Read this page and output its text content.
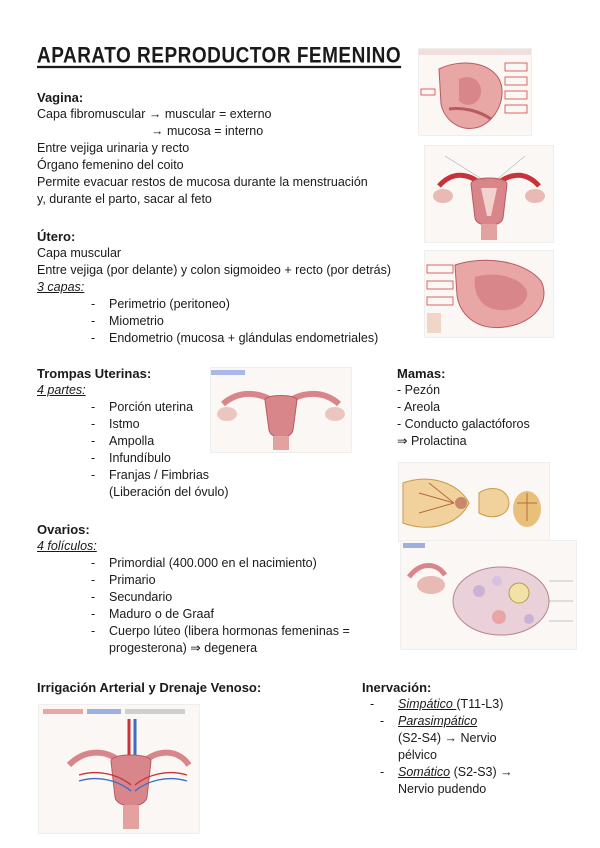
APARATO REPRODUCTOR FEMENINO
Vagina:
Capa fibromuscular → muscular = externo
→ mucosa = interno
Entre vejiga urinaria y recto
Órgano femenino del coito
Permite evacuar restos de mucosa durante la menstruación
y, durante el parto, sacar al feto
Útero:
Capa muscular
Entre vejiga (por delante) y colon sigmoideo + recto (por detrás)
3 capas:
- Perimetrio (peritoneo)
- Miometrio
- Endometrio (mucosa + glándulas endometriales)
Trompas Uterinas:
4 partes:
- Porción uterina
- Istmo
- Ampolla
- Infundíbulo
- Franjas / Fimbrias
(Liberación del óvulo)
Mamas:
- Pezón
- Areola
- Conducto galactóforos
⇒ Prolactina
Ovarios:
4 folículos:
- Primordial (400.000 en el nacimiento)
- Primario
- Secundario
- Maduro o de Graaf
- Cuerpo lúteo (libera hormonas femeninas =
progesterona) ⇒ degenera
Irrigación Arterial y Drenaje Venoso:	Inervación:
- Simpático (T11-L3)
- Parasimpático
(S2-S4) → Nervio
pélvico
- Somático (S2-S3) →
Nervio pudendo
